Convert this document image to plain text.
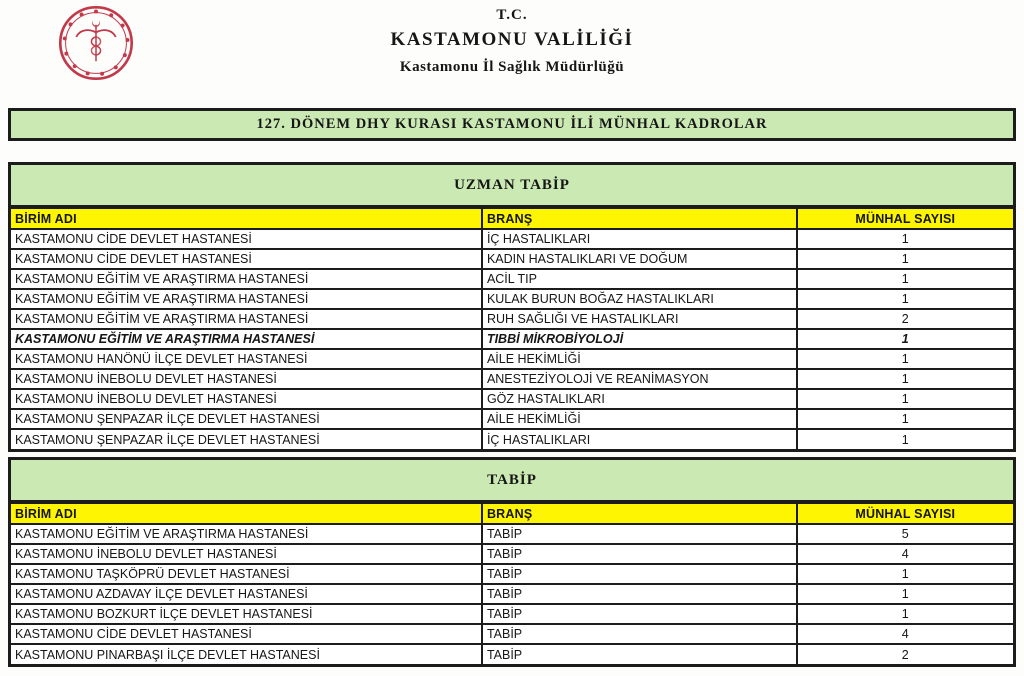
T.C.
KASTAMONU VALİLİĞİ
Kastamonu İl Sağlık Müdürlüğü
127. DÖNEM DHY KURASI KASTAMONU İLİ MÜNHAL KADROLAR
UZMAN TABİP
BİRİM ADI	BRANŞ	MÜNHAL SAYISI
KASTAMONU CİDE DEVLET HASTANESİ	İÇ HASTALIKLARI	1
KASTAMONU CİDE DEVLET HASTANESİ	KADIN HASTALIKLARI VE DOĞUM	1
KASTAMONU EĞİTİM VE ARAŞTIRMA HASTANESİ	ACİL TIP	1
KASTAMONU EĞİTİM VE ARAŞTIRMA HASTANESİ	KULAK BURUN BOĞAZ HASTALIKLARI	1
KASTAMONU EĞİTİM VE ARAŞTIRMA HASTANESİ	RUH SAĞLIĞI VE HASTALIKLARI	2
KASTAMONU EĞİTİM VE ARAŞTIRMA HASTANESİ	TIBBİ MİKROBİYOLOJİ	1
KASTAMONU HANÖNÜ İLÇE DEVLET HASTANESİ	AİLE HEKİMLİĞİ	1
KASTAMONU İNEBOLU DEVLET HASTANESİ	ANESTEZİYOLOJİ VE REANİMASYON	1
KASTAMONU İNEBOLU DEVLET HASTANESİ	GÖZ HASTALIKLARI	1
KASTAMONU ŞENPAZAR İLÇE DEVLET HASTANESİ	AİLE HEKİMLİĞİ	1
KASTAMONU ŞENPAZAR İLÇE DEVLET HASTANESİ	İÇ HASTALIKLARI	1
TABİP
BİRİM ADI	BRANŞ	MÜNHAL SAYISI
KASTAMONU EĞİTİM VE ARAŞTIRMA HASTANESİ	TABİP	5
KASTAMONU İNEBOLU DEVLET HASTANESİ	TABİP	4
KASTAMONU TAŞKÖPRÜ DEVLET HASTANESİ	TABİP	1
KASTAMONU AZDAVAY İLÇE DEVLET HASTANESİ	TABİP	1
KASTAMONU BOZKURT İLÇE DEVLET HASTANESİ	TABİP	1
KASTAMONU CİDE DEVLET HASTANESİ	TABİP	4
KASTAMONU PINARBAŞI İLÇE DEVLET HASTANESİ	TABİP	2
